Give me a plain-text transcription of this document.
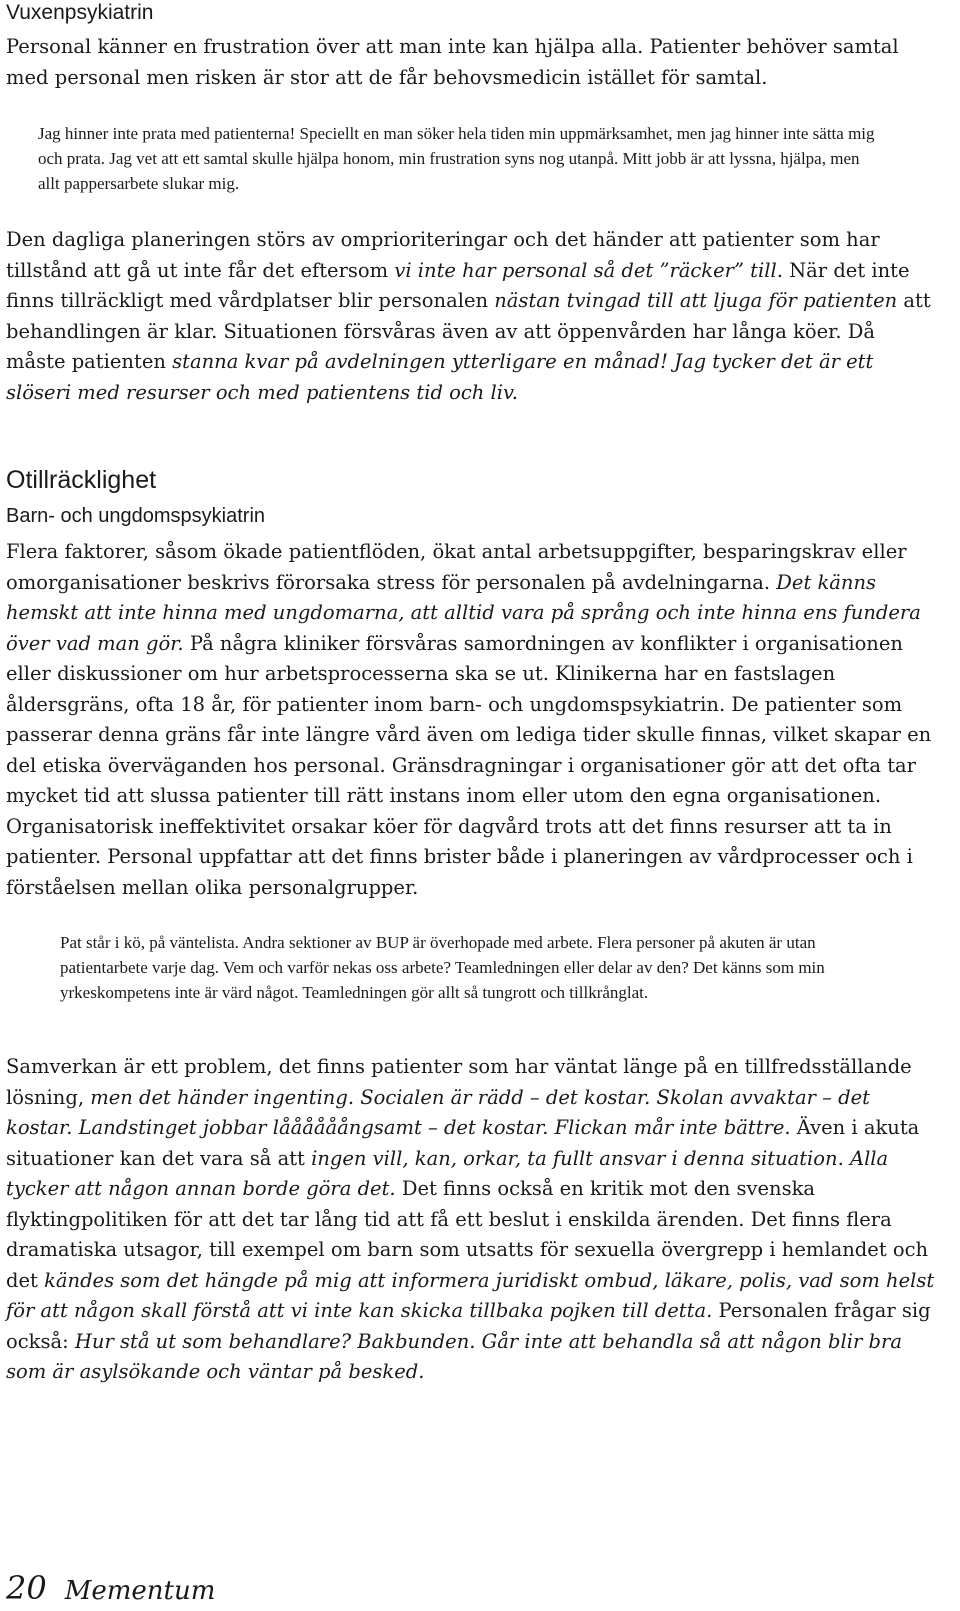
Vuxenpsykiatrin

Personal känner en frustration över att man inte kan hjälpa alla. Patienter behöver samtal
med personal men risken är stor att de får behovsmedicin istället för samtal.

Jag hinner inte prata med patienterna! Speciellt en man söker hela tiden min uppmärksamhet, men jag hinner inte sätta mig och prata. Jag vet att ett samtal skulle hjälpa honom, min frustration syns nog utanpå. Mitt jobb är att lyssna, hjälpa, men allt pappersarbete slukar mig.

Den dagliga planeringen störs av omprioriteringar och det händer att patienter som har tillstånd att gå ut inte får det eftersom vi inte har personal så det ”räcker” till. När det inte finns tillräckligt med vårdplatser blir personalen nästan tvingad till att ljuga för patienten att behandlingen är klar. Situationen försvåras även av att öppenvården har långa köer. Då måste patienten stanna kvar på avdelningen ytterligare en månad! Jag tycker det är ett slöseri med resurser och med patientens tid och liv.

Otillräcklighet
Barn- och ungdomspsykiatrin

Flera faktorer, såsom ökade patientflöden, ökat antal arbetsuppgifter, besparingskrav eller omorganisationer beskrivs förorsaka stress för personalen på avdelningarna. Det känns hemskt att inte hinna med ungdomarna, att alltid vara på språng och inte hinna ens fundera över vad man gör. På några kliniker försvåras samordningen av konflikter i organisationen eller diskussioner om hur arbetsprocesserna ska se ut. Klinikerna har en fastslagen åldersgräns, ofta 18 år, för patienter inom barn- och ungdomspsykiatrin. De patienter som passerar denna gräns får inte längre vård även om lediga tider skulle finnas, vilket skapar en del etiska överväganden hos personal. Gränsdragningar i organisationer gör att det ofta tar mycket tid att slussa patienter till rätt instans inom eller utom den egna organisationen. Organisatorisk ineffektivitet orsakar köer för dagvård trots att det finns resurser att ta in patienter. Personal uppfattar att det finns brister både i planeringen av vårdprocesser och i förståelsen mellan olika personalgrupper.

Pat står i kö, på väntelista. Andra sektioner av BUP är överhopade med arbete. Flera personer på akuten är utan patientarbete varje dag. Vem och varför nekas oss arbete? Teamledningen eller delar av den? Det känns som min yrkeskompetens inte är värd något. Teamledningen gör allt så tungrott och tillkrånglat.

Samverkan är ett problem, det finns patienter som har väntat länge på en tillfredsställande lösning, men det händer ingenting. Socialen är rädd – det kostar. Skolan avvaktar – det kostar. Landstinget jobbar låååååångsamt – det kostar. Flickan mår inte bättre. Även i akuta situationer kan det vara så att ingen vill, kan, orkar, ta fullt ansvar i denna situation. Alla tycker att någon annan borde göra det. Det finns också en kritik mot den svenska flyktingpolitiken för att det tar lång tid att få ett beslut i enskilda ärenden. Det finns flera dramatiska utsagor, till exempel om barn som utsatts för sexuella övergrepp i hemlandet och det kändes som det hängde på mig att informera juridiskt ombud, läkare, polis, vad som helst för att någon skall förstå att vi inte kan skicka tillbaka pojken till detta. Personalen frågar sig också: Hur stå ut som behandlare? Bakbunden. Går inte att behandla så att någon blir bra som är asylsökande och väntar på besked.

20 Mementum
